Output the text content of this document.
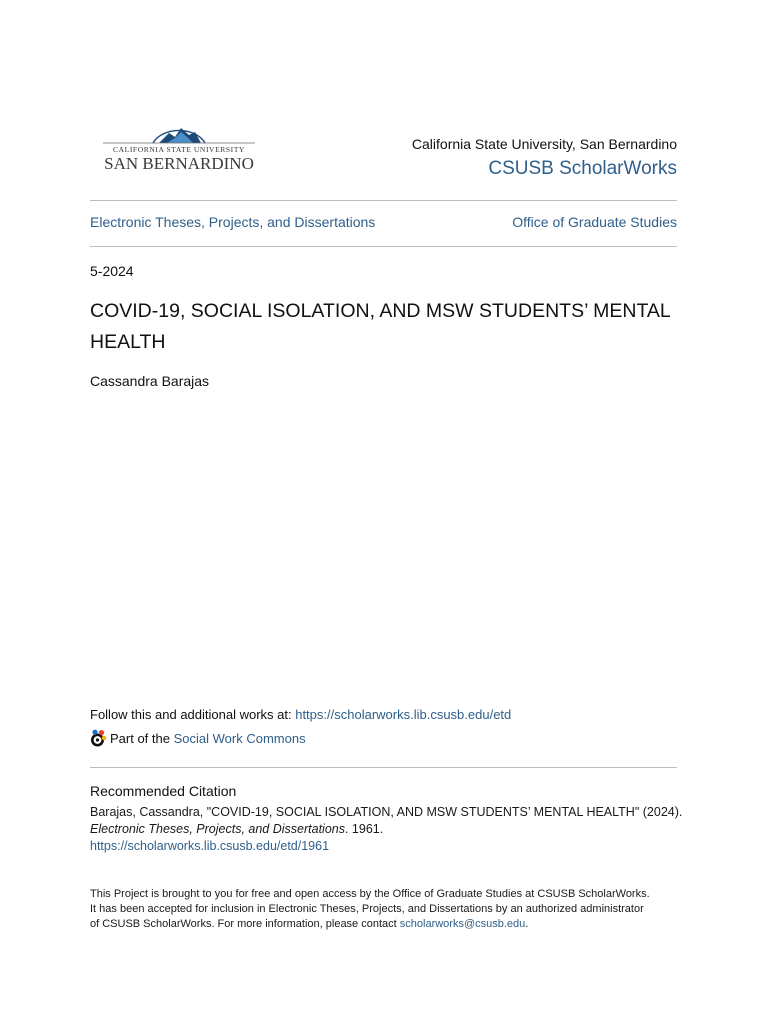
CALIFORNIA STATE UNIVERSITY
SAN BERNARDINO
California State University, San Bernardino
CSUSB ScholarWorks
Electronic Theses, Projects, and Dissertations	Office of Graduate Studies
5-2024
COVID-19, SOCIAL ISOLATION, AND MSW STUDENTS’ MENTAL HEALTH
Cassandra Barajas
Follow this and additional works at: https://scholarworks.lib.csusb.edu/etd
Part of the
Social Work Commons
Recommended Citation
Barajas, Cassandra, "COVID-19, SOCIAL ISOLATION, AND MSW STUDENTS’ MENTAL HEALTH" (2024).
Electronic Theses, Projects, and Dissertations. 1961.
https://scholarworks.lib.csusb.edu/etd/1961
This Project is brought to you for free and open access by the Office of Graduate Studies at CSUSB ScholarWorks.
It has been accepted for inclusion in Electronic Theses, Projects, and Dissertations by an authorized administrator
of CSUSB ScholarWorks. For more information, please contact scholarworks@csusb.edu.
